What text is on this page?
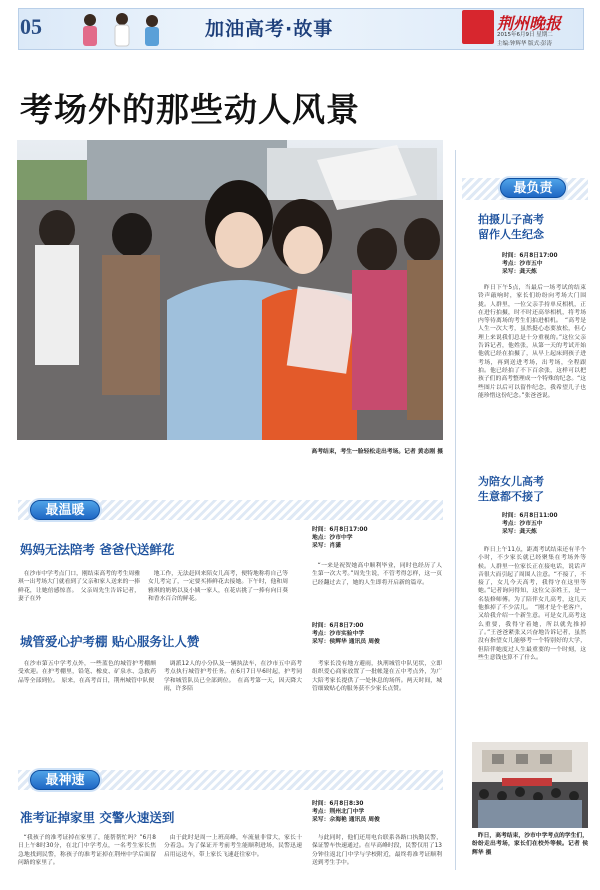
05	加油高考·故事	荆州晚报
2015年6月9日 星期二
主编:钟辉华 版式:彭涛
考场外的那些动人风景
高考结束，考生一脸轻松走出考场。记者 黄态刚 摄
最温暖
妈妈无法陪考 爸爸代送鲜花

在沙市中学考点门口，刚结束高考的考生周雅琪一出考场大门就看到了父亲和家人送来的一捧鲜花，让她倍感惊喜。　父亲周先生告诉记者，妻子在外

地工作，无法赶回来陪女儿高考，便特地称将自己等女儿考完了，一定要买捧鲜花去接她。下午时，他和周雅琪的奶奶以及小姨一家人，在花店挑了一捧有向日葵和香水百合的鲜花。

时间：6月8日17:00
地点：沙市中学
采写：肖潇

“一来是祝贺她高中顺利毕业，同时也经历了人生第一次大考。”周先生说，不管考得怎样，这一页已经翻过去了，她的人生即将开启新的篇章。

时间：6月8日7:00
考点：沙市实验中学
采写：侯辉华 通讯员 周俊
城管爱心护考棚 贴心服务让人赞

在沙市第五中学考点外，一些蓝色的城管护考棚颇受欢迎。在护考棚里，铅笔、橡皮、矿泉水、急救药品等全部到位。　原来，在高考首日，荆州城管中队便

调派12人的小分队及一辆执法车，在沙市五中高考考点执行城管护考任务。在6月7日早6时起，护考同学和城管队员已全部到位。　在高考第一天，因天降大雨，许多陪

考家长没有地方避雨，执刑城管中队见状，立即组织爱心商家放置了一批帐篷在五中考点外，为广大陪考家长提供了一处休息的场所。两天时间，城管细致贴心的服务获不少家长点赞。

最神速
时间：6月8日8:30
考点：荆州北门中学
采写：佘海艳 通讯员 周俊
准考证掉家里 交警火速送到

“我孩子的准考证掉在家里了，能帮帮忙吗？”6月8日上午8时30分，在北门中学考点，一名考生家长焦急地找到民警，称孩子的准考证掉在荆州中学后面留问路的家里了。

由于此时是周一上班高峰，车流量非常大，家长十分着急。为了保证开考前考生能顺利进场，民警迅速启用运送车，带上家长飞速赶往家中。

与此同时，他们还用电台联系各路口执勤民警，保证警车快速通过。在早高峰时段，民警仅用了13分钟往返北门中学与学校附近，最终将准考证顺利送到考生手中。

最负责
拍摄儿子高考
留作人生纪念
时间：6月8日17:00
考点：沙市五中
采写：龚天炼

昨日下午5点，当最后一场考试的结束铃声敲响时，家长们纷纷向考场大门围拢。人群里，一位父亲手持单反相机，正在进行拍摄，时不时还高举相机，将考场内等待离场的考生们拍进相机。　“高考是人生一次大考，虽然挺心态要放松，但心理上来说我们总是十分重视的。”这位父亲告诉记者，他姓张，从第一天的考试开始他就已经在拍摄了，从早上起床到孩子进考场，再到送进考场，出考场，全程跟拍。他已经拍了不下百余张，这样可以把孩子们的高考整理成一个特殊的纪念。“这些图片以后可以留作纪念，我希望儿子也能珍惜这份纪念。”张爸爸说。

为陪女儿高考
生意都不接了
时间：6月8日11:00
考点：沙市五中
采写：龚天炼

昨日上午11点，距离考试结束还有半个小时，不少家长就已经聚集在考场外等候。人群里一位家长正在接电话，说话声音很大而引起了周围人注意。“不接了，不接了，女儿今天高考，我得守在这里等她。”记者询问得知，这位父亲姓王，是一名装修师傅。为了陪伴女儿高考，这几天他推掉了不少活儿。　“刚才是个老客户，又给我介绍一个新生意。可是女儿高考这么重要，我得守着她，所以就先推掉了。”王爸爸紧张又兴奋地告诉记者，虽然没有指望女儿能够考一个特别好的大学，但陪伴她度过人生最重要的一个时刻，这些生意钱也算不了什么。

昨日，高考结束，沙市中学考点的学生们，纷纷走出考场，家长们在校外等候。记者 侯辉华 摄
